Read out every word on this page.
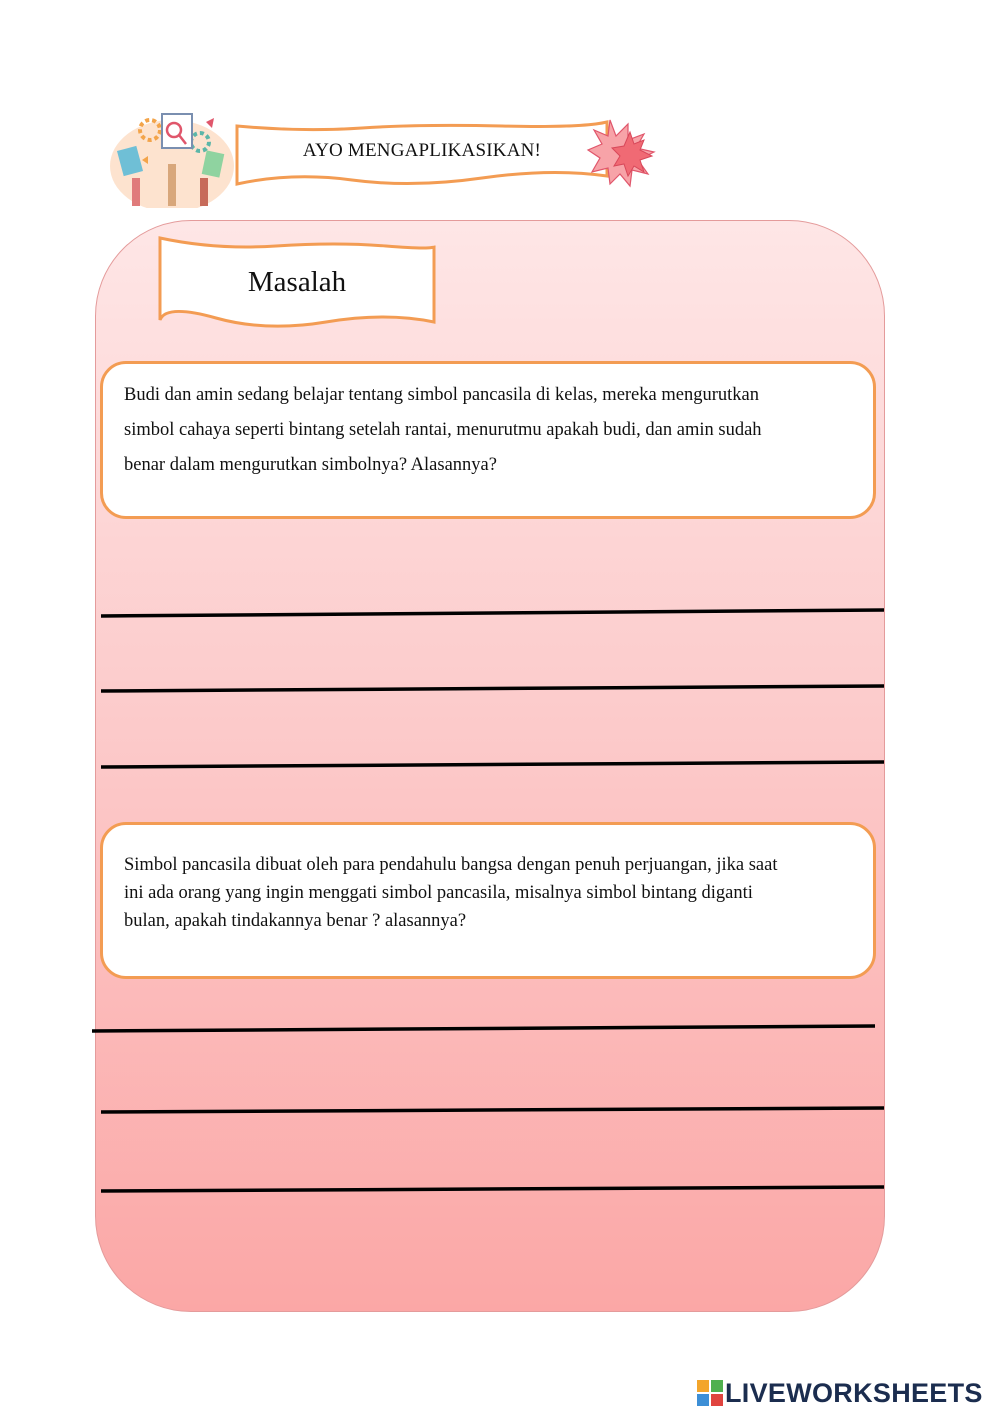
AYO MENGAPLIKASIKAN!
Masalah
Budi dan amin sedang belajar tentang simbol pancasila di kelas, mereka mengurutkan
simbol cahaya seperti bintang setelah rantai, menurutmu apakah budi, dan amin sudah
benar dalam mengurutkan simbolnya? Alasannya?
Simbol pancasila dibuat oleh para pendahulu bangsa dengan penuh perjuangan, jika saat
ini ada orang yang ingin menggati simbol pancasila, misalnya simbol bintang diganti
bulan, apakah tindakannya benar ? alasannya?
LIVEWORKSHEETS
